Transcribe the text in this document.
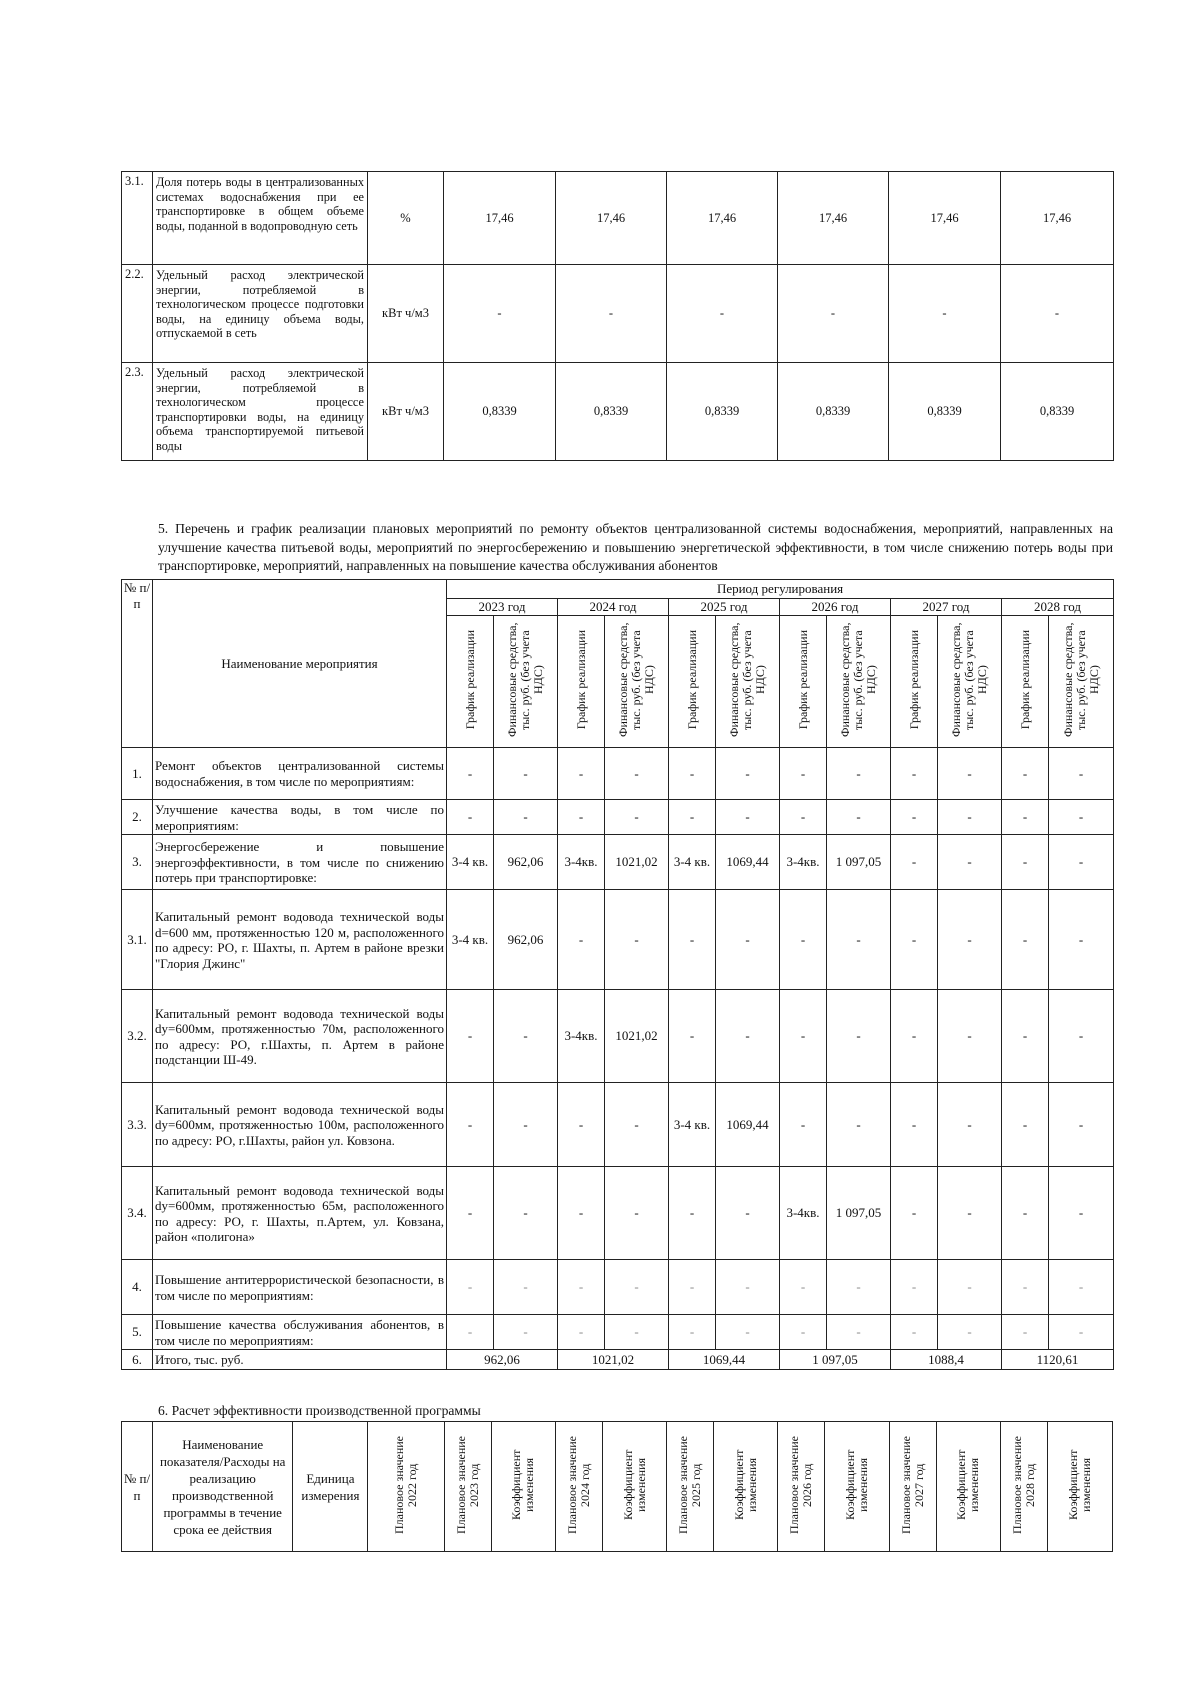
3.1.	Доля потерь воды в централизованных системах водоснабжения при ее транспортировке в общем объеме воды, поданной в водопроводную сеть	%	17,46	17,46	17,46	17,46	17,46	17,46
2.2.	Удельный расход электрической энергии, потребляемой в технологическом процессе подготовки воды, на единицу объема воды, отпускаемой в сеть	кВт ч/м3	-	-	-	-	-	-
2.3.	Удельный расход электрической энергии, потребляемой в технологическом процессе транспортировки воды, на единицу объема транспортируемой питьевой воды	кВт ч/м3	0,8339	0,8339	0,8339	0,8339	0,8339	0,8339
5. Перечень и график реализации плановых мероприятий по ремонту объектов централизованной системы водоснабжения, мероприятий, направленных на улучшение качества питьевой воды, мероприятий по энергосбережению и повышению энергетической эффективности, в том числе снижению потерь воды при транспортировке, мероприятий, направленных на повышение качества обслуживания абонентов
№ п/п	Наименование мероприятия	Период регулирования											
		2023 год		2024 год		2025 год		2026 год		2027 год		2028 год	
		График реализации	Финансовые средства, тыс. руб. (без учета НДС)	График реализации	Финансовые средства, тыс. руб. (без учета НДС)	График реализации	Финансовые средства, тыс. руб. (без учета НДС)	График реализации	Финансовые средства, тыс. руб. (без учета НДС)	График реализации	Финансовые средства, тыс. руб. (без учета НДС)	График реализации	Финансовые средства, тыс. руб. (без учета НДС)
1.	Ремонт объектов централизованной системы водоснабжения, в том числе по мероприятиям:	-	-	-	-	-	-	-	-	-	-	-	-
2.	Улучшение качества воды, в том числе по мероприятиям:	-	-	-	-	-	-	-	-	-	-	-	-
3.	Энергосбережение и повышение энергоэффективности, в том числе по снижению потерь при транспортировке:	3-4 кв.	962,06	3-4кв.	1021,02	3-4 кв.	1069,44	3-4кв.	1 097,05	-	-	-	-
3.1.	Капитальный ремонт водовода технической воды d=600 мм, протяженностью 120 м, расположенного по адресу: РО, г. Шахты, п. Артем в районе врезки "Глория Джинс"	3-4 кв.	962,06	-	-	-	-	-	-	-	-	-	-
3.2.	Капитальный ремонт водовода технической воды dy=600мм, протяженностью 70м, расположенного по адресу: РО, г.Шахты, п. Артем в районе подстанции Ш-49.	-	-	3-4кв.	1021,02	-	-	-	-	-	-	-	-
3.3.	Капитальный ремонт водовода технической воды dy=600мм, протяженностью 100м, расположенного по адресу: РО, г.Шахты, район ул. Ковзона.	-	-	-	-	3-4 кв.	1069,44	-	-	-	-	-	-
3.4.	Капитальный ремонт водовода технической воды dy=600мм, протяженностью 65м, расположенного по адресу: РО, г. Шахты, п.Артем, ул. Ковзана, район «полигона»	-	-	-	-	-	-	3-4кв.	1 097,05	-	-	-	-
4.	Повышение антитеррористической безопасности, в том числе по мероприятиям:	-	-	-	-	-	-	-	-	-	-	-	-
5.	Повышение качества обслуживания абонентов, в том числе по мероприятиям:	-	-	-	-	-	-	-	-	-	-	-	-
6.	Итого, тыс. руб.	962,06		1021,02		1069,44		1 097,05		1088,4		1120,61	
6. Расчет эффективности производственной программы
№ п/п	Наименование показателя/Расходы на реализацию производственной программы в течение срока ее действия	Единица измерения	Плановое значение 2022 год	Плановое значение 2023 год	Коэффициент изменения	Плановое значение 2024 год	Коэффициент изменения	Плановое значение 2025 год	Коэффициент изменения	Плановое значение 2026 год	Коэффициент изменения	Плановое значение 2027 год	Коэффициент изменения	Плановое значение 2028 год	Коэффициент изменения
